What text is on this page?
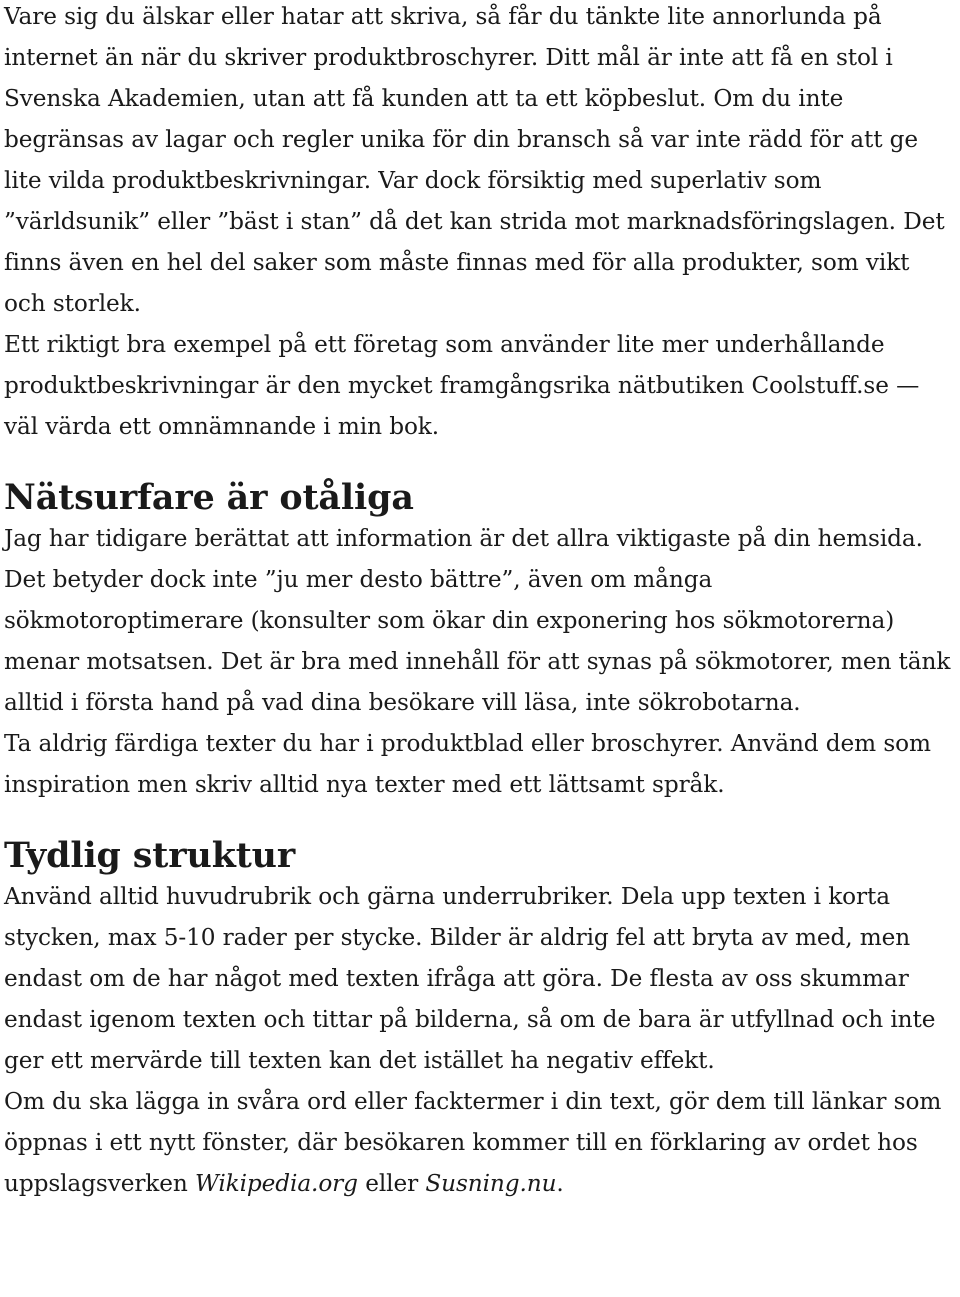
Vare sig du älskar eller hatar att skriva, så får du tänkte lite annorlunda på internet än när du skriver produktbroschyrer. Ditt mål är inte att få en stol i Svenska Akademien, utan att få kunden att ta ett köpbeslut. Om du inte begränsas av lagar och regler unika för din bransch så var inte rädd för att ge lite vilda produktbeskrivningar. Var dock försiktig med superlativ som ”världsunik” eller ”bäst i stan” då det kan strida mot marknadsföringslagen. Det finns även en hel del saker som måste finnas med för alla produkter, som vikt och storlek.

Ett riktigt bra exempel på ett företag som använder lite mer underhållande produktbeskrivningar är den mycket framgångsrika nätbutiken Coolstuff.se — väl värda ett omnämnande i min bok.

Nätsurfare är otåliga

Jag har tidigare berättat att information är det allra viktigaste på din hemsida. Det betyder dock inte ”ju mer desto bättre”, även om många sökmotoroptimerare (konsulter som ökar din exponering hos sökmotorerna) menar motsatsen. Det är bra med innehåll för att synas på sökmotorer, men tänk alltid i första hand på vad dina besökare vill läsa, inte sökrobotarna.

Ta aldrig färdiga texter du har i produktblad eller broschyrer. Använd dem som inspiration men skriv alltid nya texter med ett lättsamt språk.

Tydlig struktur

Använd alltid huvudrubrik och gärna underrubriker. Dela upp texten i korta stycken, max 5-10 rader per stycke. Bilder är aldrig fel att bryta av med, men endast om de har något med texten ifråga att göra. De flesta av oss skummar endast igenom texten och tittar på bilderna, så om de bara är utfyllnad och inte ger ett mervärde till texten kan det istället ha negativ effekt.

Om du ska lägga in svåra ord eller facktermer i din text, gör dem till länkar som öppnas i ett nytt fönster, där besökaren kommer till en förklaring av ordet hos uppslagsverken Wikipedia.org eller Susning.nu.
